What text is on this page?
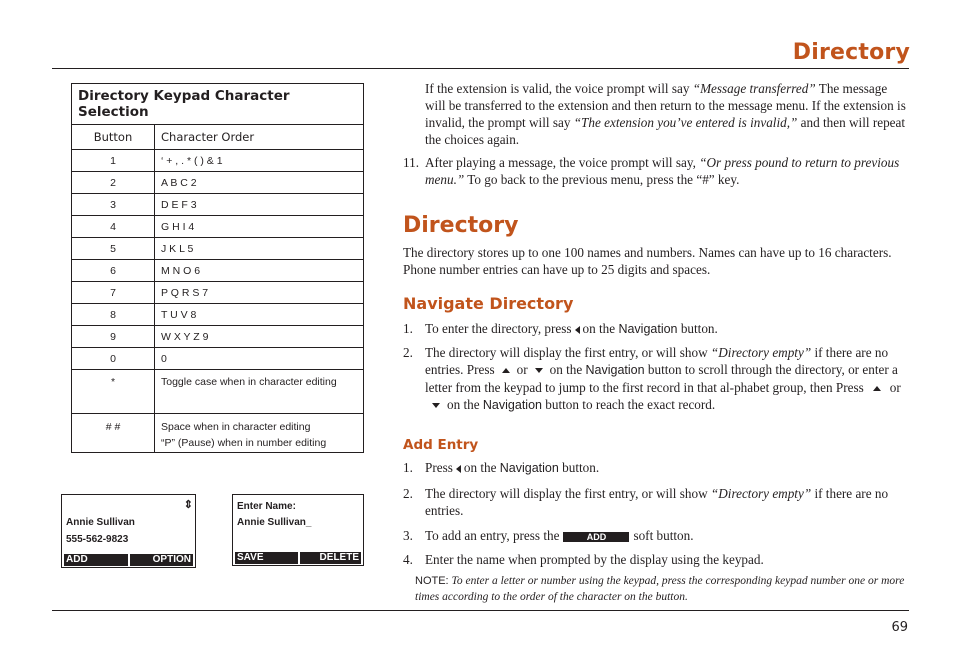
Directory
Directory Keypad Character Selection	
Button	Character Order
1	‘ + , . * ( ) & 1
2	A B C 2
3	D E F 3
4	G H I 4
5	J K L 5
6	M N O 6
7	P Q R S 7
8	T U V 8
9	W X Y Z 9
0	0
*	Toggle case when in character editing
# #	Space when in character editing
“P” (Pause) when in number editing
⇕
Annie Sullivan
555-562-9823
ADD	OPTION
Enter Name:
Annie Sullivan_
SAVE	DELETE
If the extension is valid, the voice prompt will say “Message transferred” The message will be transferred to the extension and then return to the message menu. If the extension is invalid, the prompt will say “The extension you’ve entered is invalid,” and then will repeat the choices again.
11. After playing a message, the voice prompt will say, “Or press pound to return to previous menu.” To go back to the previous menu, press the “#” key.
Directory
The directory stores up to one 100 names and numbers. Names can have up to 16 characters. Phone number entries can have up to 25 digits and spaces.
Navigate Directory
1. To enter the directory, press on the Navigation button.
2. The directory will display the first entry, or will show “Directory empty” if there are no entries. Press or on the Navigation button to scroll through the directory, or enter a letter from the keypad to jump to the first record in that al-phabet group, then Press oron the Navigation button to reach the exact record.
Add Entry
1. Press on the Navigation button.
2. The directory will display the first entry, or will show “Directory empty” if there are no entries.
3. To add an entry, press the	ADD soft button.
4. Enter the name when prompted by the display using the keypad.
NOTE: To enter a letter or number using the keypad, press the corresponding keypad number one or more times according to the order of the character on the button.
69
